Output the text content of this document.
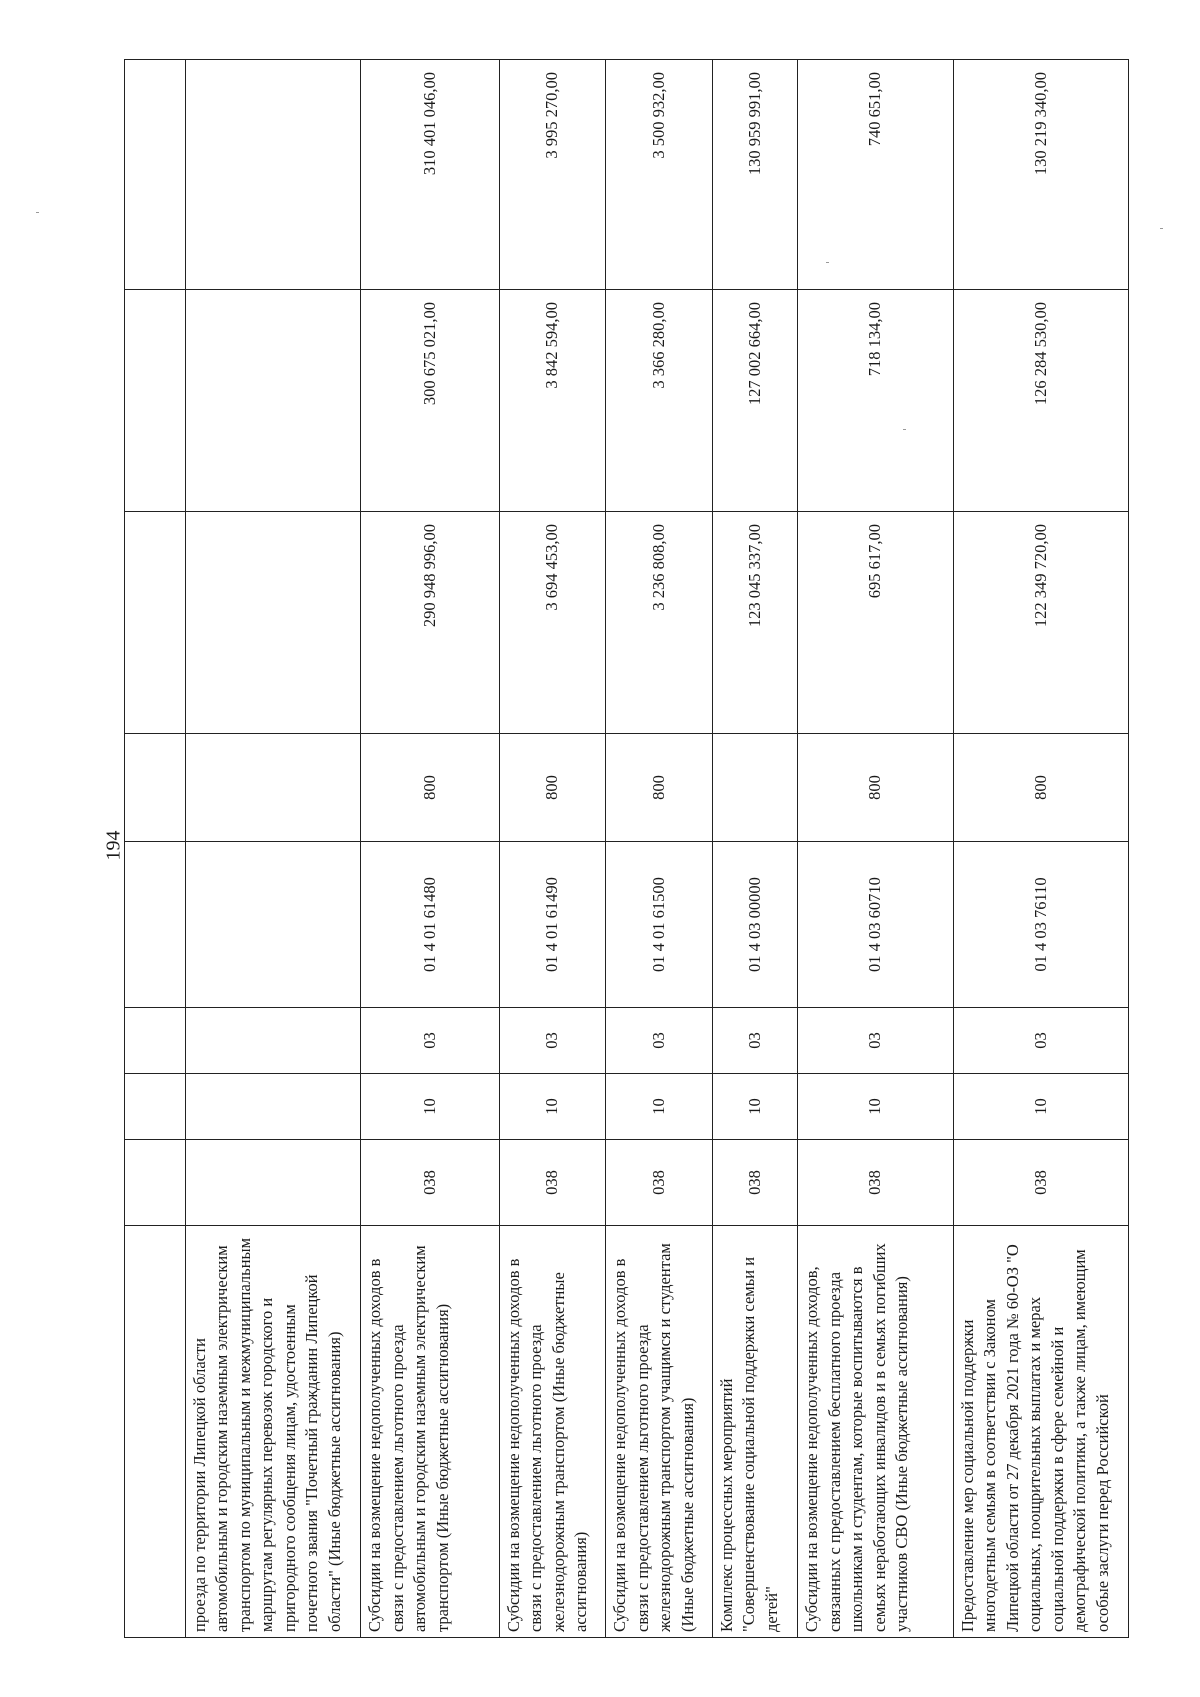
194

проезда по территории Липецкой области автомобильным и городским наземным электрическим транспортом по муниципальным и межмуниципальным маршрутам регулярных перевозок городского и пригородного сообщения лицам, удостоенным почетного звания "Почетный гражданин Липецкой области" (Иные бюджетные ассигнования)								
Субсидии на возмещение недополученных доходов в связи с предоставлением льготного проезда автомобильным и городским наземным электрическим транспортом (Иные бюджетные ассигнования)	038	10	03	01 4 01 61480	800	290 948 996,00	300 675 021,00	310 401 046,00
Субсидии на возмещение недополученных доходов в связи с предоставлением льготного проезда железнодорожным транспортом (Иные бюджетные ассигнования)	038	10	03	01 4 01 61490	800	3 694 453,00	3 842 594,00	3 995 270,00
Субсидии на возмещение недополученных доходов в связи с предоставлением льготного проезда железнодорожным транспортом учащимся и студентам (Иные бюджетные ассигнования)	038	10	03	01 4 01 61500	800	3 236 808,00	3 366 280,00	3 500 932,00
Комплекс процессных мероприятий "Совершенствование социальной поддержки семьи и детей"	038	10	03	01 4 03 00000		123 045 337,00	127 002 664,00	130 959 991,00
Субсидии на возмещение недополученных доходов, связанных с предоставлением бесплатного проезда школьникам и студентам, которые воспитываются в семьях неработающих инвалидов и в семьях погибших участников СВО (Иные бюджетные ассигнования)	038	10	03	01 4 03 60710	800	695 617,00	718 134,00	740 651,00
Предоставление мер социальной поддержки многодетным семьям в соответствии с Законом Липецкой области от 27 декабря 2021 года № 60-ОЗ "О социальных, поощрительных выплатах и мерах социальной поддержки в сфере семейной и демографической политики, а также лицам, имеющим особые заслуги перед Российской	038	10	03	01 4 03 76110	800	122 349 720,00	126 284 530,00	130 219 340,00
